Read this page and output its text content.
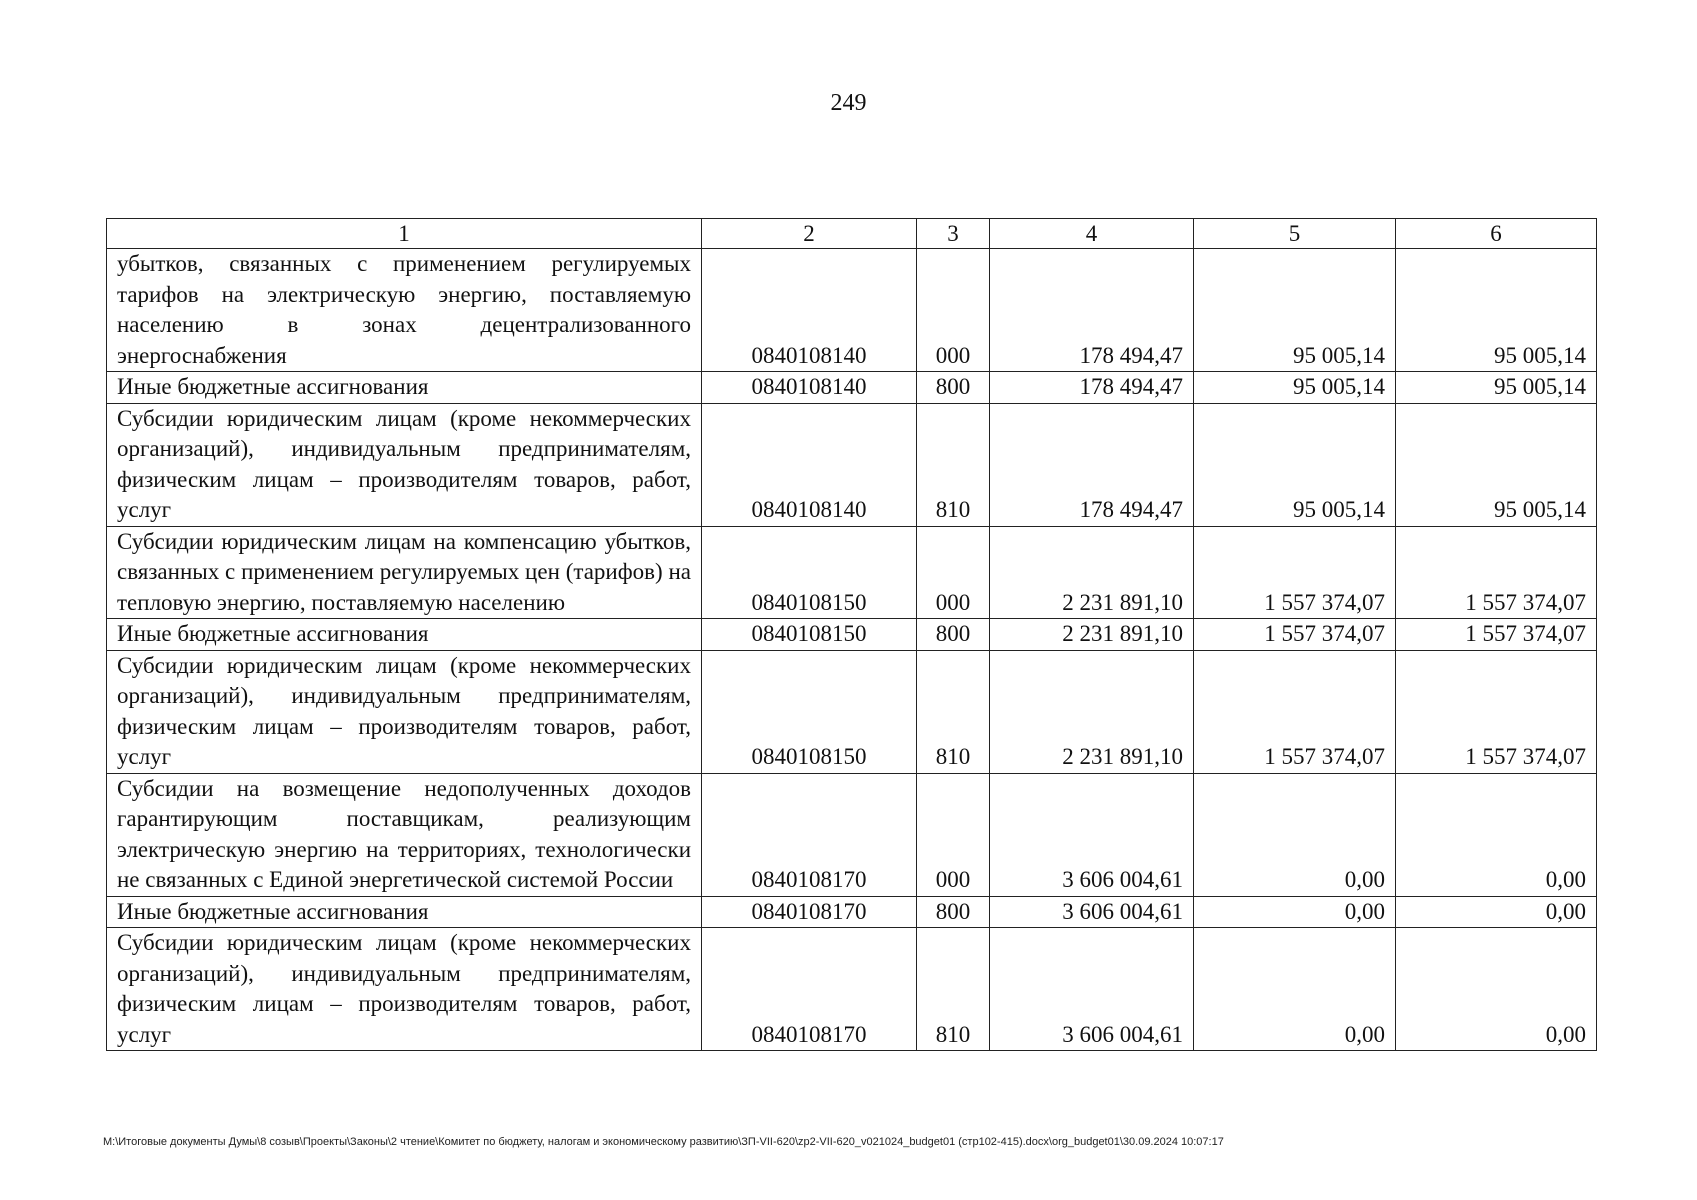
249
1	2	3	4	5	6
убытков, связанных с применением регулируемых тарифов на электрическую энергию, поставляемую населению в зонах децентрализованного энергоснабжения	0840108140	000	178 494,47	95 005,14	95 005,14
Иные бюджетные ассигнования	0840108140	800	178 494,47	95 005,14	95 005,14
Субсидии юридическим лицам (кроме некоммерческих организаций), индивидуальным предпринимателям, физическим лицам – производителям товаров, работ, услуг	0840108140	810	178 494,47	95 005,14	95 005,14
Субсидии юридическим лицам на компенсацию убытков, связанных с применением регулируемых цен (тарифов) на тепловую энергию, поставляемую населению	0840108150	000	2 231 891,10	1 557 374,07	1 557 374,07
Иные бюджетные ассигнования	0840108150	800	2 231 891,10	1 557 374,07	1 557 374,07
Субсидии юридическим лицам (кроме некоммерческих организаций), индивидуальным предпринимателям, физическим лицам – производителям товаров, работ, услуг	0840108150	810	2 231 891,10	1 557 374,07	1 557 374,07
Субсидии на возмещение недополученных доходов гарантирующим поставщикам, реализующим электрическую энергию на территориях, технологически не связанных с Единой энергетической системой России	0840108170	000	3 606 004,61	0,00	0,00
Иные бюджетные ассигнования	0840108170	800	3 606 004,61	0,00	0,00
Субсидии юридическим лицам (кроме некоммерческих организаций), индивидуальным предпринимателям, физическим лицам – производителям товаров, работ, услуг	0840108170	810	3 606 004,61	0,00	0,00
M:\Итоговые документы Думы\8 созыв\Проекты\Законы\2 чтение\Комитет по бюджету, налогам и экономическому развитию\ЗП-VII-620\zp2-VII-620_v021024_budget01 (стр102-415).docx\org_budget01\30.09.2024 10:07:17
